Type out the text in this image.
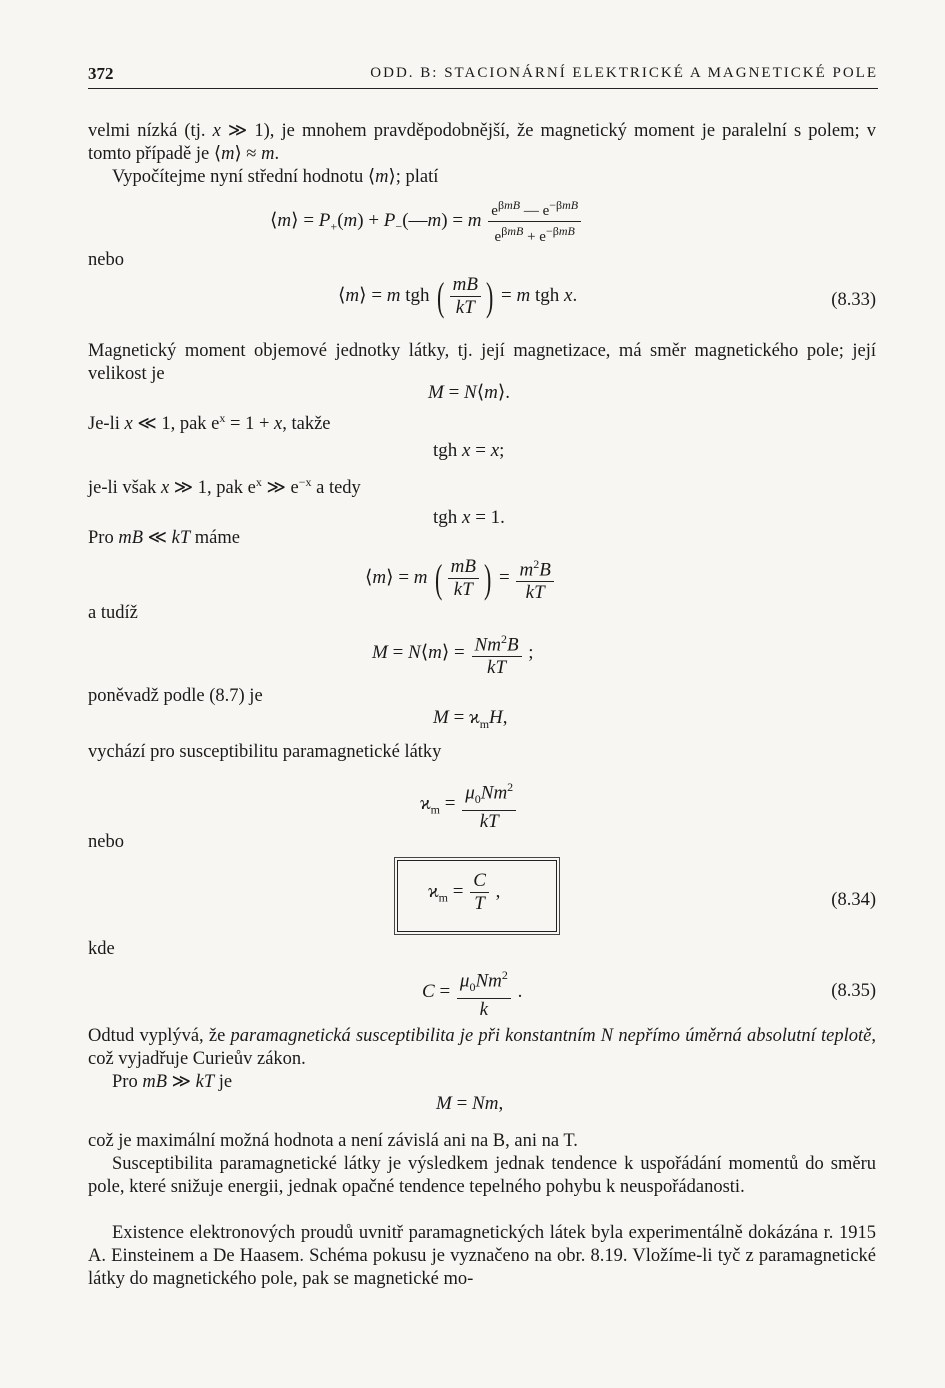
372	ODD. B: STACIONÁRNÍ ELEKTRICKÉ A MAGNETICKÉ POLE

velmi nízká (tj. x ≫ 1), je mnohem pravděpodobnější, že magnetický moment je paralelní s polem; v tomto případě je ⟨m⟩ ≈ m.

Vypočítejme nyní střední hodnotu ⟨m⟩; platí

⟨m⟩ = $P_+(m)$ + $P_-(—m) = m \frac{e^{\beta mB} — e^{-\beta mB}}{e^{\beta mB} + e^{-\beta mB}}$
nebo
⟨m⟩ = m tgh ( $\frac{mB}{kT}$ ) = m tgh x.	(8.33)

Magnetický moment objemové jednotky látky, tj. její magnetizace, má směr magnetického pole; její velikost je

M = N⟨m⟩.
Je-li x ≪ 1, pak $e^x = 1 + x$, takže
tgh x = x;
je-li však x ≫ 1, pak $e^x$ ≫ $e^{-x}$ a tedy
tgh x = 1.
Pro mB ≪ kT máme
⟨m⟩ = m ( $\frac{mB}{kT}$ ) = $\frac{m^2B}{kT}$
a tudíž
M = N⟨m⟩ = $\frac{Nm^2B}{kT}$ ;
poněvadž podle (8.7) je
$M = ϰ_mH$,
vychází pro susceptibilitu paramagnetické látky
$ϰ_m = \frac{\mu_0Nm^2}{kT}$
nebo
$ϰ_m = \frac{C}{T}$ ,	(8.34)
kde
$C = \frac{\mu_0Nm^2}{k}$ .	(8.35)

Odtud vyplývá, že paramagnetická susceptibilita je při konstantním N nepřímo úměrná absolutní teplotě, což vyjadřuje Curieův zákon.

Pro mB ≫ kT je
M = Nm,

což je maximální možná hodnota a není závislá ani na B, ani na T.

Susceptibilita paramagnetické látky je výsledkem jednak tendence k uspořádání momentů do směru pole, které snižuje energii, jednak opačné tendence tepelného pohybu k neuspořádanosti.

Existence elektronových proudů uvnitř paramagnetických látek byla experimentálně dokázána r. 1915 A. Einsteinem a De Haasem. Schéma pokusu je vyznačeno na obr. 8.19. Vložíme-li tyč z paramagnetické látky do magnetického pole, pak se magnetické mo-
